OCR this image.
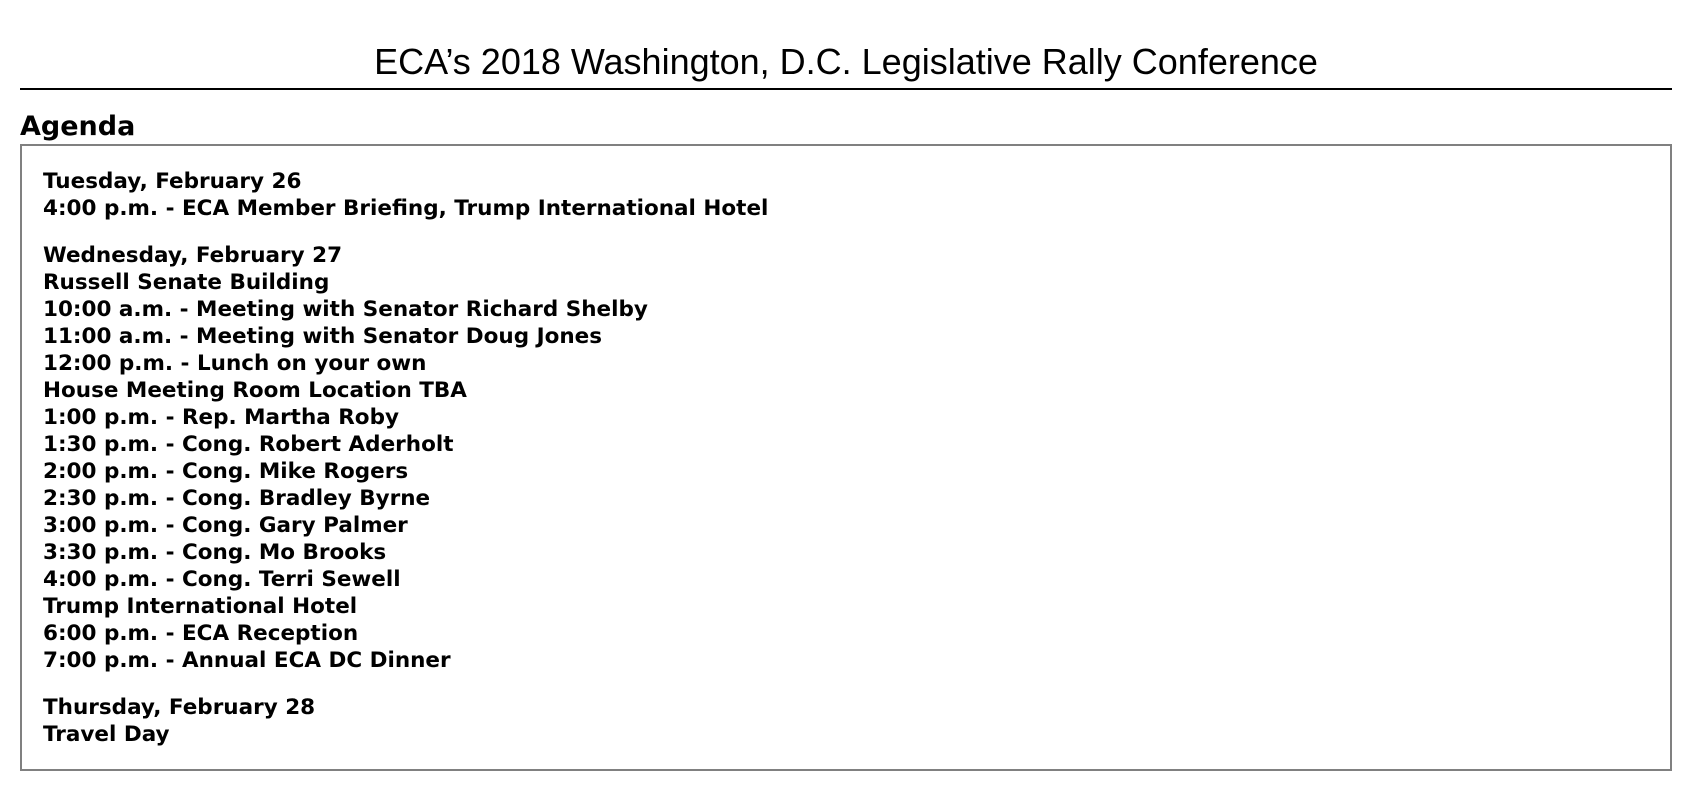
ECA’s 2018 Washington, D.C. Legislative Rally Conference
Agenda
Tuesday, February 26
4:00 p.m. - ECA Member Briefing, Trump International Hotel
Wednesday, February 27
Russell Senate Building
10:00 a.m. - Meeting with Senator Richard Shelby
11:00 a.m. - Meeting with Senator Doug Jones
12:00 p.m. - Lunch on your own
House Meeting Room Location TBA
1:00 p.m. - Rep. Martha Roby
1:30 p.m. - Cong. Robert Aderholt
2:00 p.m. - Cong. Mike Rogers
2:30 p.m. - Cong. Bradley Byrne
3:00 p.m. - Cong. Gary Palmer
3:30 p.m. - Cong. Mo Brooks
4:00 p.m. - Cong. Terri Sewell
Trump International Hotel
6:00 p.m. - ECA Reception
7:00 p.m. - Annual ECA DC Dinner
Thursday, February 28
Travel Day
